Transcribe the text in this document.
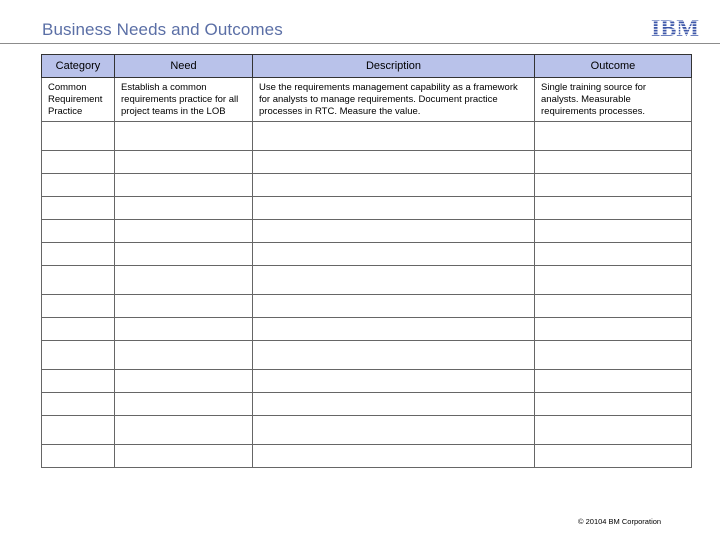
Business Needs and Outcomes	IBM
Category	Need	Description	Outcome
Common Requirement Practice	Establish a common requirements practice for all project teams in the LOB	Use the requirements management capability as a framework for analysts to manage requirements. Document practice processes in RTC. Measure the value.	Single training source for analysts. Measurable requirements processes.

© 20104 BM Corporation
